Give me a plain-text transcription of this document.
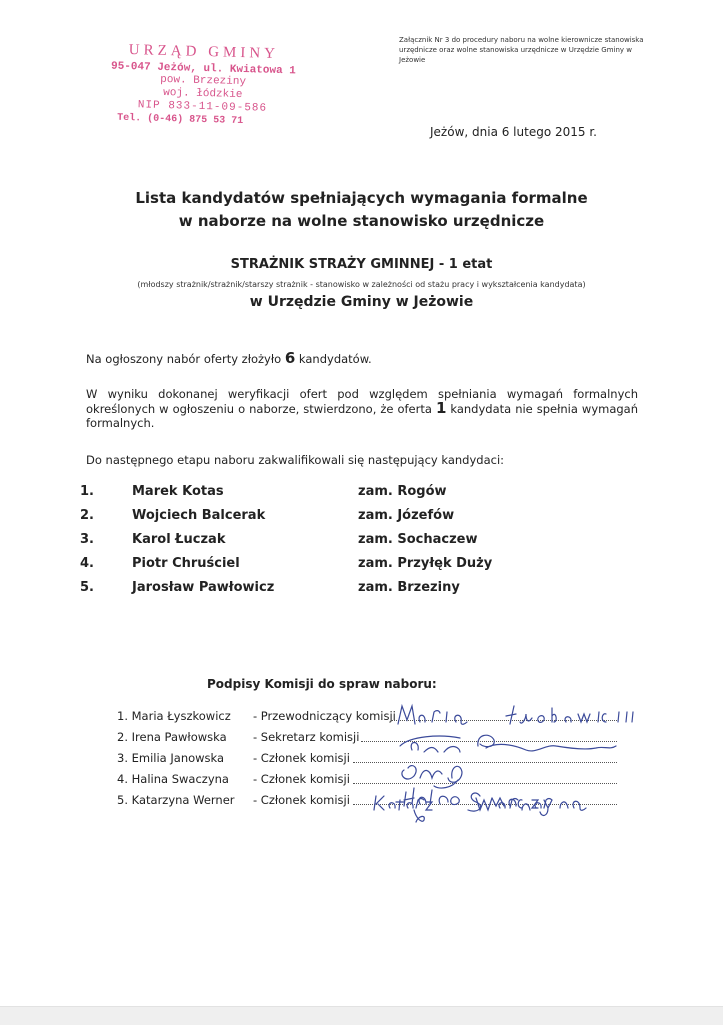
URZĄD GMINY
95-047 Jeżów, ul. Kwiatowa 1
pow. Brzeziny
woj. łódzkie
NIP 833-11-09-586
Tel. (0-46) 875 53 71
Załącznik Nr 3 do procedury naboru na wolne kierownicze stanowiska urzędnicze oraz wolne stanowiska urzędnicze w Urzędzie Gminy w Jeżowie
Jeżów, dnia 6 lutego 2015 r.
Lista kandydatów spełniających wymagania formalne
w naborze na wolne stanowisko urzędnicze
STRAŻNIK STRAŻY GMINNEJ - 1 etat
(młodszy strażnik/strażnik/starszy strażnik - stanowisko w zależności od stażu pracy i wykształcenia kandydata)
w Urzędzie Gminy w Jeżowie
Na ogłoszony nabór oferty złożyło 6 kandydatów.
W wyniku dokonanej weryfikacji ofert pod względem spełniania wymagań formalnych określonych w ogłoszeniu o naborze, stwierdzono, że oferta 1 kandydata nie spełnia wymagań formalnych.
Do następnego etapu naboru zakwalifikowali się następujący kandydaci:
1.	Marek Kotas	zam. Rogów
2.	Wojciech Balcerak	zam. Józefów
3.	Karol Łuczak	zam. Sochaczew
4.	Piotr Chruściel	zam. Przyłęk Duży
5.	Jarosław Pawłowicz	zam. Brzeziny
Podpisy Komisji do spraw naboru:
1. Maria Łyszkowicz - Przewodniczący komisji
2. Irena Pawłowska - Sekretarz komisji
3. Emilia Janowska	- Członek komisji
4. Halina Swaczyna - Członek komisji
5. Katarzyna Werner - Członek komisji
